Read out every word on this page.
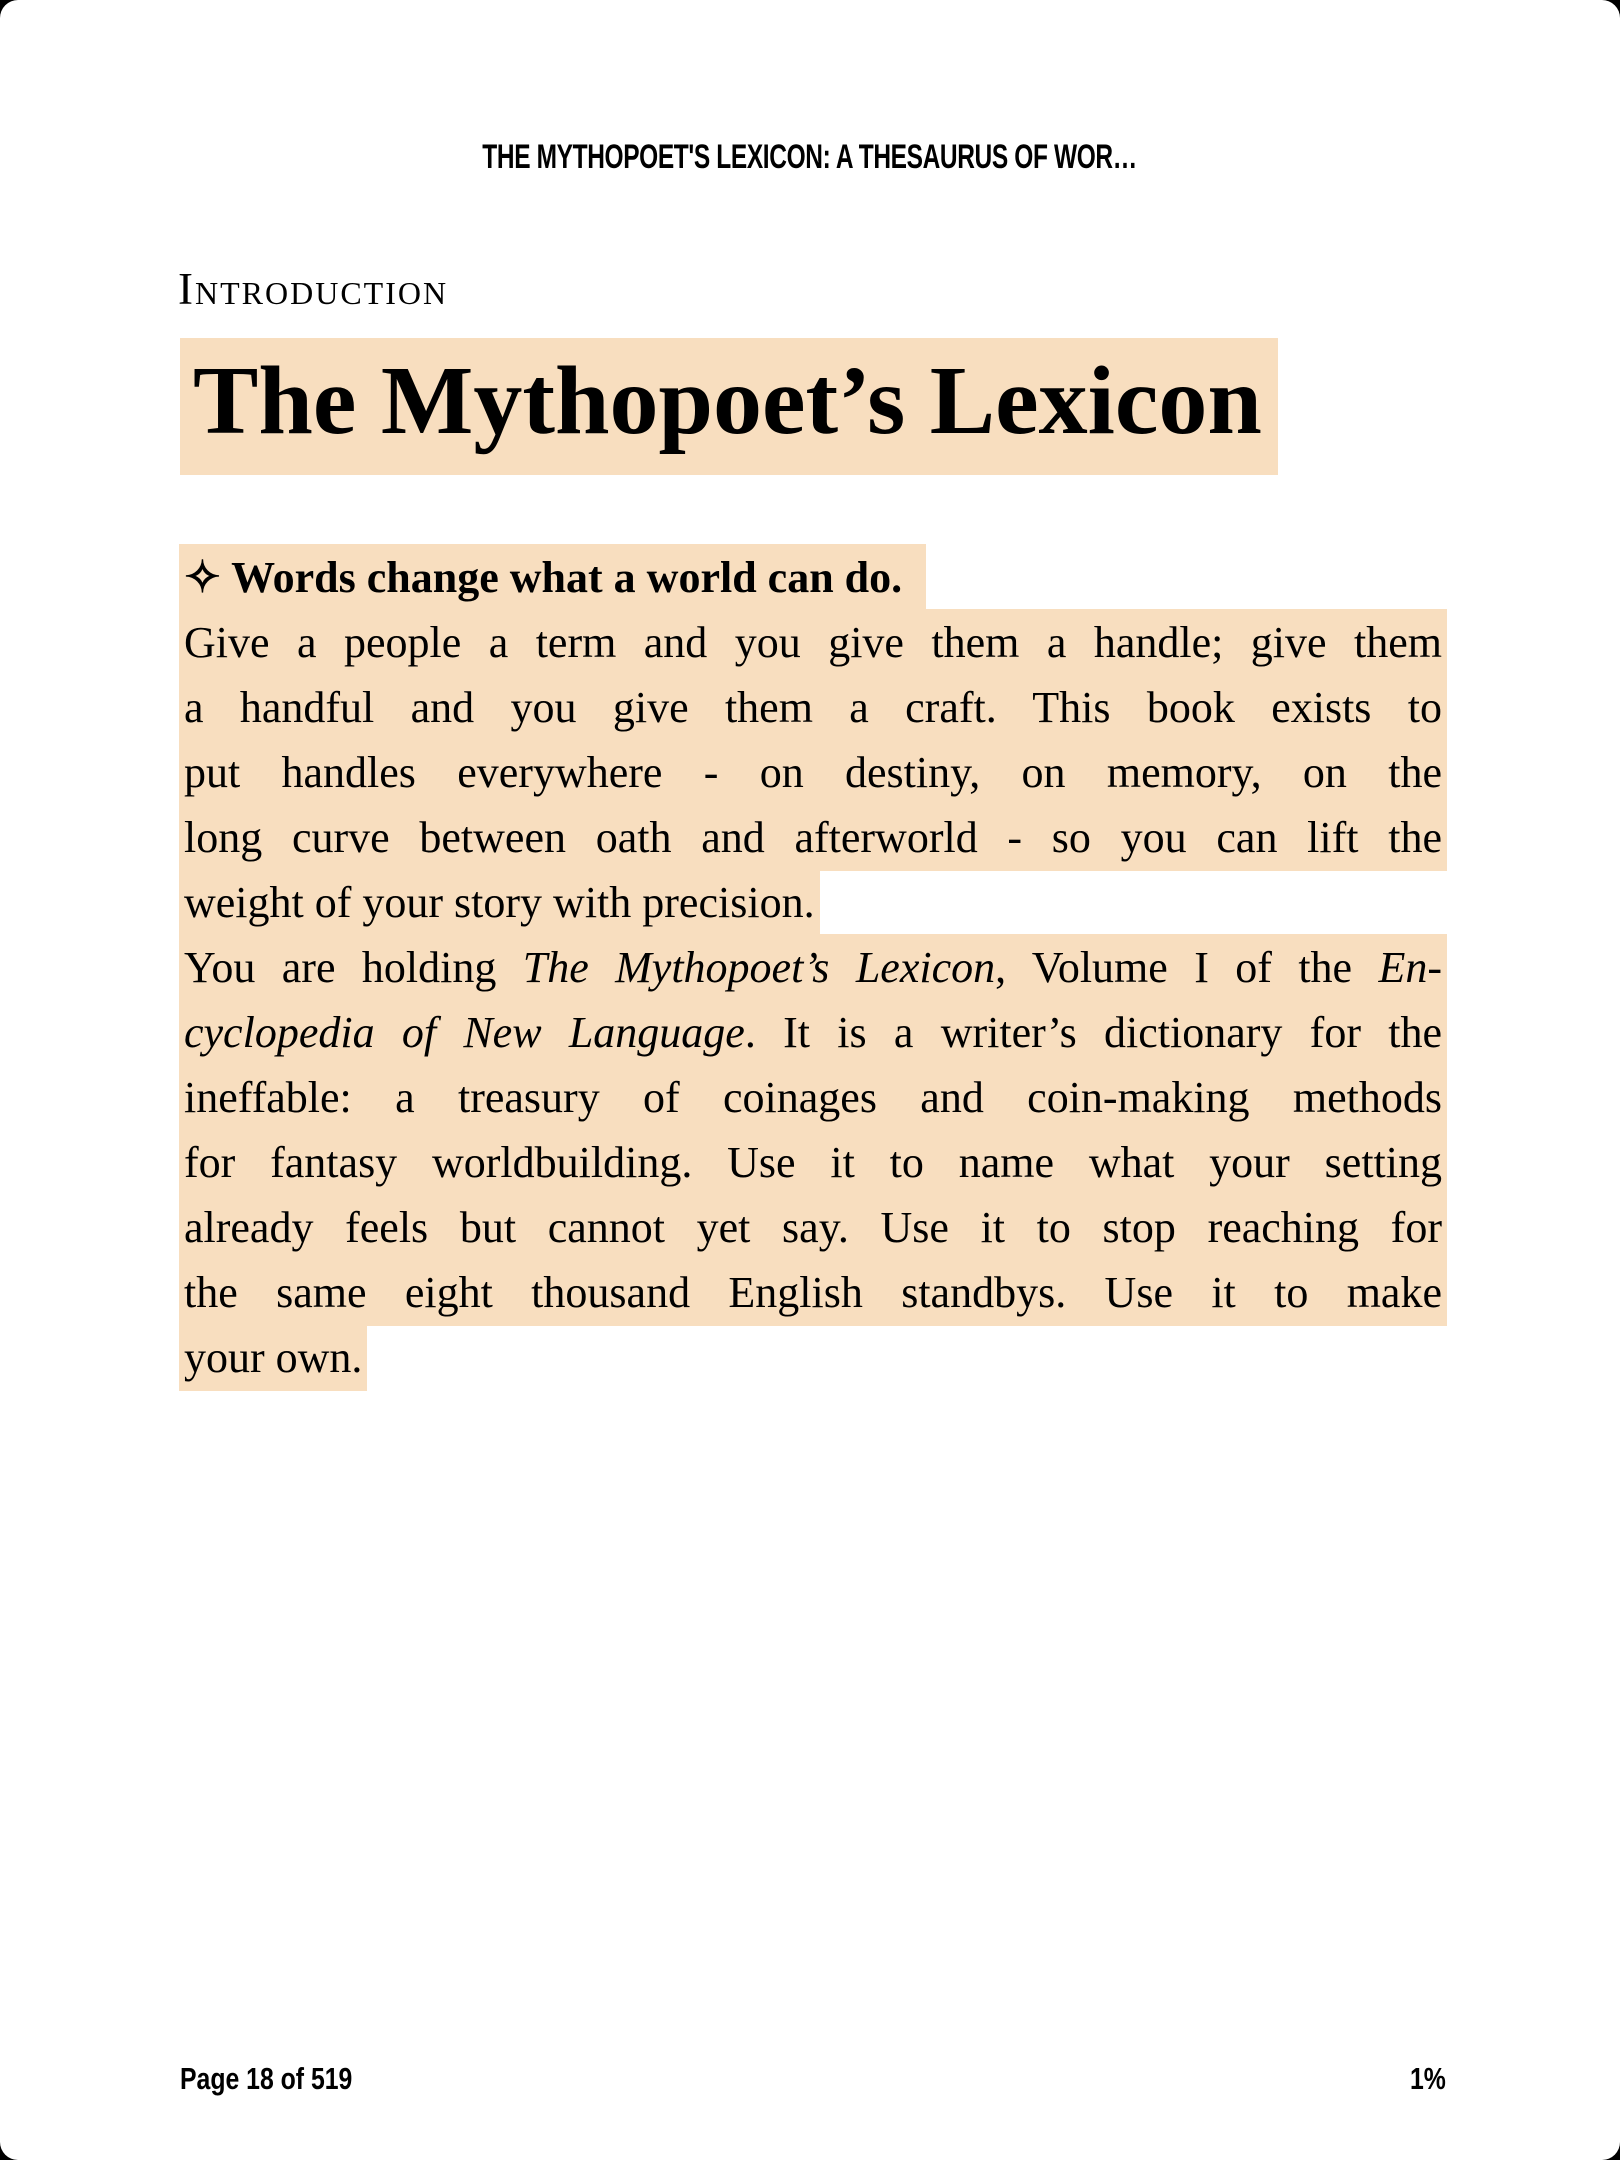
THE MYTHOPOET'S LEXICON: A THESAURUS OF WOR…
Introduction
The Mythopoet’s Lexicon
✧ Words change what a world can do.
Give a people a term and you give them a handle; give them
a handful and you give them a craft. This book exists to
put handles everywhere - on destiny, on memory, on the
long curve between oath and afterworld - so you can lift the
weight of your story with precision.
You are holding The Mythopoet’s Lexicon, Volume I of the En-
cyclopedia of New Language. It is a writer’s dictionary for the
ineffable: a treasury of coinages and coin-making methods
for fantasy worldbuilding. Use it to name what your setting
already feels but cannot yet say. Use it to stop reaching for
the same eight thousand English standbys. Use it to make
your own.
Page 18 of 519	1%
